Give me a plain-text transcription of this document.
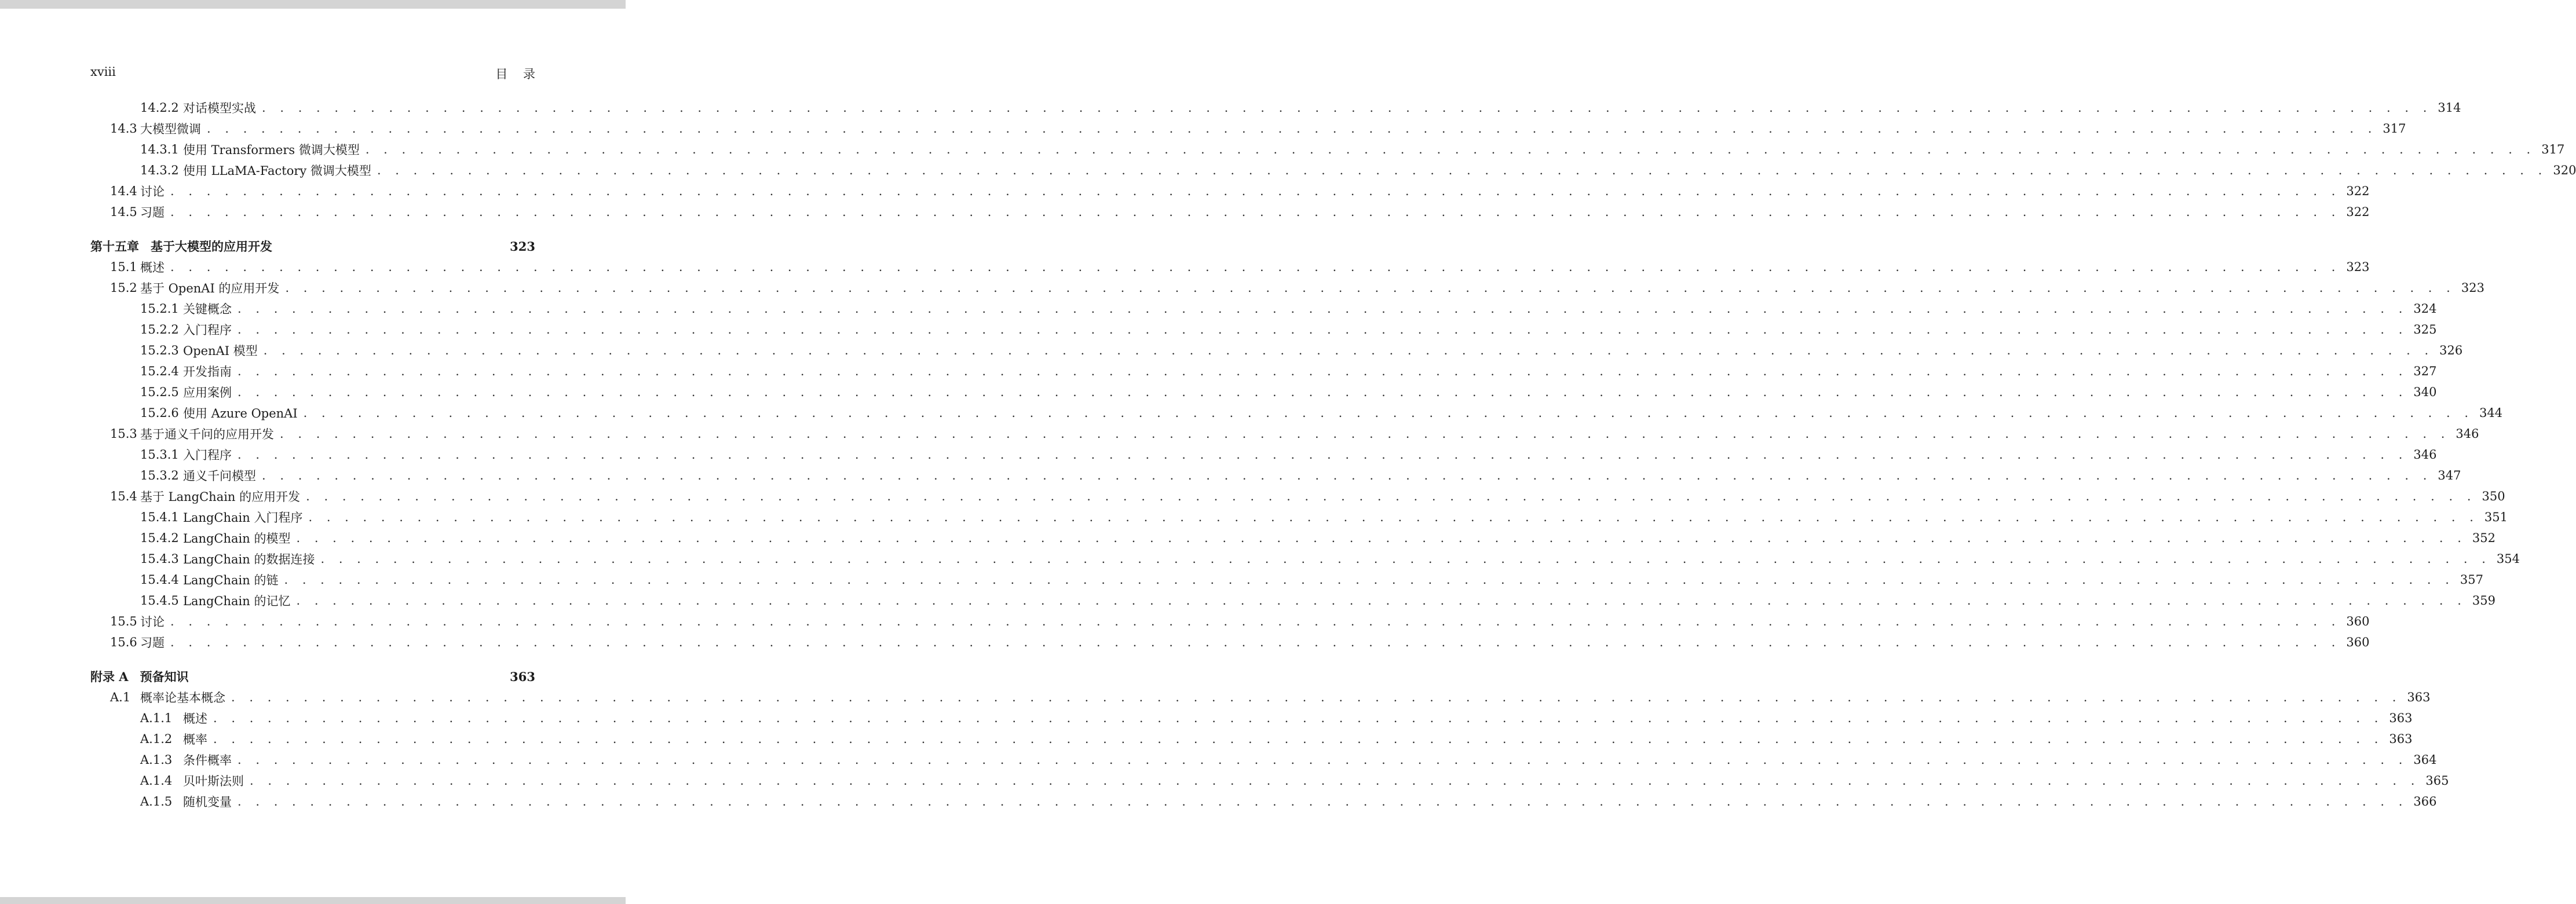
xviii	目 录
14.2.2 对话模型实战 . . . . . . . . . . . . . . . . . . . . . . . . . . . . . . . . . . . . . . . . . . . . . . . . . . . . . . . . . . . . . . . . . . . . . . . . . . . . . . . . . . . . . . . . . . . . . . . . . . . . . . . . . . . . . . . . . . . . . . . . 314
14.3 大模型微调 . . . . . . . . . . . . . . . . . . . . . . . . . . . . . . . . . . . . . . . . . . . . . . . . . . . . . . . . . . . . . . . . . . . . . . . . . . . . . . . . . . . . . . . . . . . . . . . . . . . . . . . . . . . . . . . . . . . . . . . . 317
14.3.1 使用 Transformers 微调大模型 . . . . . . . . . . . . . . . . . . . . . . . . . . . . . . . . . . . . . . . . . . . . . . . . . . . . . . . . . . . . . . . . . . . . . . . . . . . . . . . . . . . . . . . . . . . . . . . . . . . . . . . . . . . . . . . . . . . . . . . . 317
14.3.2 使用 LLaMA-Factory 微调大模型 . . . . . . . . . . . . . . . . . . . . . . . . . . . . . . . . . . . . . . . . . . . . . . . . . . . . . . . . . . . . . . . . . . . . . . . . . . . . . . . . . . . . . . . . . . . . . . . . . . . . . . . . . . . . . . . . . . . . . . . . 320
14.4 讨论 . . . . . . . . . . . . . . . . . . . . . . . . . . . . . . . . . . . . . . . . . . . . . . . . . . . . . . . . . . . . . . . . . . . . . . . . . . . . . . . . . . . . . . . . . . . . . . . . . . . . . . . . . . . . . . . . . . . . . . . . 322
14.5 习题 . . . . . . . . . . . . . . . . . . . . . . . . . . . . . . . . . . . . . . . . . . . . . . . . . . . . . . . . . . . . . . . . . . . . . . . . . . . . . . . . . . . . . . . . . . . . . . . . . . . . . . . . . . . . . . . . . . . . . . . . 322
第十五章 基于大模型的应用开发	323
15.1 概述 . . . . . . . . . . . . . . . . . . . . . . . . . . . . . . . . . . . . . . . . . . . . . . . . . . . . . . . . . . . . . . . . . . . . . . . . . . . . . . . . . . . . . . . . . . . . . . . . . . . . . . . . . . . . . . . . . . . . . . . . 323
15.2 基于 OpenAI 的应用开发 . . . . . . . . . . . . . . . . . . . . . . . . . . . . . . . . . . . . . . . . . . . . . . . . . . . . . . . . . . . . . . . . . . . . . . . . . . . . . . . . . . . . . . . . . . . . . . . . . . . . . . . . . . . . . . . . . . . . . . . . 323
15.2.1 关键概念 . . . . . . . . . . . . . . . . . . . . . . . . . . . . . . . . . . . . . . . . . . . . . . . . . . . . . . . . . . . . . . . . . . . . . . . . . . . . . . . . . . . . . . . . . . . . . . . . . . . . . . . . . . . . . . . . . . . . . . . . 324
15.2.2 入门程序 . . . . . . . . . . . . . . . . . . . . . . . . . . . . . . . . . . . . . . . . . . . . . . . . . . . . . . . . . . . . . . . . . . . . . . . . . . . . . . . . . . . . . . . . . . . . . . . . . . . . . . . . . . . . . . . . . . . . . . . . 325
15.2.3 OpenAI 模型 . . . . . . . . . . . . . . . . . . . . . . . . . . . . . . . . . . . . . . . . . . . . . . . . . . . . . . . . . . . . . . . . . . . . . . . . . . . . . . . . . . . . . . . . . . . . . . . . . . . . . . . . . . . . . . . . . . . . . . . . 326
15.2.4 开发指南 . . . . . . . . . . . . . . . . . . . . . . . . . . . . . . . . . . . . . . . . . . . . . . . . . . . . . . . . . . . . . . . . . . . . . . . . . . . . . . . . . . . . . . . . . . . . . . . . . . . . . . . . . . . . . . . . . . . . . . . . 327
15.2.5 应用案例 . . . . . . . . . . . . . . . . . . . . . . . . . . . . . . . . . . . . . . . . . . . . . . . . . . . . . . . . . . . . . . . . . . . . . . . . . . . . . . . . . . . . . . . . . . . . . . . . . . . . . . . . . . . . . . . . . . . . . . . . 340
15.2.6 使用 Azure OpenAI . . . . . . . . . . . . . . . . . . . . . . . . . . . . . . . . . . . . . . . . . . . . . . . . . . . . . . . . . . . . . . . . . . . . . . . . . . . . . . . . . . . . . . . . . . . . . . . . . . . . . . . . . . . . . . . . . . . . . . . . 344
15.3 基于通义千问的应用开发 . . . . . . . . . . . . . . . . . . . . . . . . . . . . . . . . . . . . . . . . . . . . . . . . . . . . . . . . . . . . . . . . . . . . . . . . . . . . . . . . . . . . . . . . . . . . . . . . . . . . . . . . . . . . . . . . . . . . . . . . 346
15.3.1 入门程序 . . . . . . . . . . . . . . . . . . . . . . . . . . . . . . . . . . . . . . . . . . . . . . . . . . . . . . . . . . . . . . . . . . . . . . . . . . . . . . . . . . . . . . . . . . . . . . . . . . . . . . . . . . . . . . . . . . . . . . . . 346
15.3.2 通义千问模型 . . . . . . . . . . . . . . . . . . . . . . . . . . . . . . . . . . . . . . . . . . . . . . . . . . . . . . . . . . . . . . . . . . . . . . . . . . . . . . . . . . . . . . . . . . . . . . . . . . . . . . . . . . . . . . . . . . . . . . . . 347
15.4 基于 LangChain 的应用开发 . . . . . . . . . . . . . . . . . . . . . . . . . . . . . . . . . . . . . . . . . . . . . . . . . . . . . . . . . . . . . . . . . . . . . . . . . . . . . . . . . . . . . . . . . . . . . . . . . . . . . . . . . . . . . . . . . . . . . . . . 350
15.4.1 LangChain 入门程序 . . . . . . . . . . . . . . . . . . . . . . . . . . . . . . . . . . . . . . . . . . . . . . . . . . . . . . . . . . . . . . . . . . . . . . . . . . . . . . . . . . . . . . . . . . . . . . . . . . . . . . . . . . . . . . . . . . . . . . . . 351
15.4.2 LangChain 的模型 . . . . . . . . . . . . . . . . . . . . . . . . . . . . . . . . . . . . . . . . . . . . . . . . . . . . . . . . . . . . . . . . . . . . . . . . . . . . . . . . . . . . . . . . . . . . . . . . . . . . . . . . . . . . . . . . . . . . . . . . 352
15.4.3 LangChain 的数据连接 . . . . . . . . . . . . . . . . . . . . . . . . . . . . . . . . . . . . . . . . . . . . . . . . . . . . . . . . . . . . . . . . . . . . . . . . . . . . . . . . . . . . . . . . . . . . . . . . . . . . . . . . . . . . . . . . . . . . . . . . 354
15.4.4 LangChain 的链 . . . . . . . . . . . . . . . . . . . . . . . . . . . . . . . . . . . . . . . . . . . . . . . . . . . . . . . . . . . . . . . . . . . . . . . . . . . . . . . . . . . . . . . . . . . . . . . . . . . . . . . . . . . . . . . . . . . . . . . . 357
15.4.5 LangChain 的记忆 . . . . . . . . . . . . . . . . . . . . . . . . . . . . . . . . . . . . . . . . . . . . . . . . . . . . . . . . . . . . . . . . . . . . . . . . . . . . . . . . . . . . . . . . . . . . . . . . . . . . . . . . . . . . . . . . . . . . . . . . 359
15.5 讨论 . . . . . . . . . . . . . . . . . . . . . . . . . . . . . . . . . . . . . . . . . . . . . . . . . . . . . . . . . . . . . . . . . . . . . . . . . . . . . . . . . . . . . . . . . . . . . . . . . . . . . . . . . . . . . . . . . . . . . . . . 360
15.6 习题 . . . . . . . . . . . . . . . . . . . . . . . . . . . . . . . . . . . . . . . . . . . . . . . . . . . . . . . . . . . . . . . . . . . . . . . . . . . . . . . . . . . . . . . . . . . . . . . . . . . . . . . . . . . . . . . . . . . . . . . . 360
附录 A 预备知识	363
A.1 概率论基本概念 . . . . . . . . . . . . . . . . . . . . . . . . . . . . . . . . . . . . . . . . . . . . . . . . . . . . . . . . . . . . . . . . . . . . . . . . . . . . . . . . . . . . . . . . . . . . . . . . . . . . . . . . . . . . . . . . . . . . . . . . 363
A.1.1 概述 . . . . . . . . . . . . . . . . . . . . . . . . . . . . . . . . . . . . . . . . . . . . . . . . . . . . . . . . . . . . . . . . . . . . . . . . . . . . . . . . . . . . . . . . . . . . . . . . . . . . . . . . . . . . . . . . . . . . . . . . 363
A.1.2 概率 . . . . . . . . . . . . . . . . . . . . . . . . . . . . . . . . . . . . . . . . . . . . . . . . . . . . . . . . . . . . . . . . . . . . . . . . . . . . . . . . . . . . . . . . . . . . . . . . . . . . . . . . . . . . . . . . . . . . . . . . 363
A.1.3 条件概率 . . . . . . . . . . . . . . . . . . . . . . . . . . . . . . . . . . . . . . . . . . . . . . . . . . . . . . . . . . . . . . . . . . . . . . . . . . . . . . . . . . . . . . . . . . . . . . . . . . . . . . . . . . . . . . . . . . . . . . . . 364
A.1.4 贝叶斯法则 . . . . . . . . . . . . . . . . . . . . . . . . . . . . . . . . . . . . . . . . . . . . . . . . . . . . . . . . . . . . . . . . . . . . . . . . . . . . . . . . . . . . . . . . . . . . . . . . . . . . . . . . . . . . . . . . . . . . . . . . 365
A.1.5 随机变量 . . . . . . . . . . . . . . . . . . . . . . . . . . . . . . . . . . . . . . . . . . . . . . . . . . . . . . . . . . . . . . . . . . . . . . . . . . . . . . . . . . . . . . . . . . . . . . . . . . . . . . . . . . . . . . . . . . . . . . . . 366
